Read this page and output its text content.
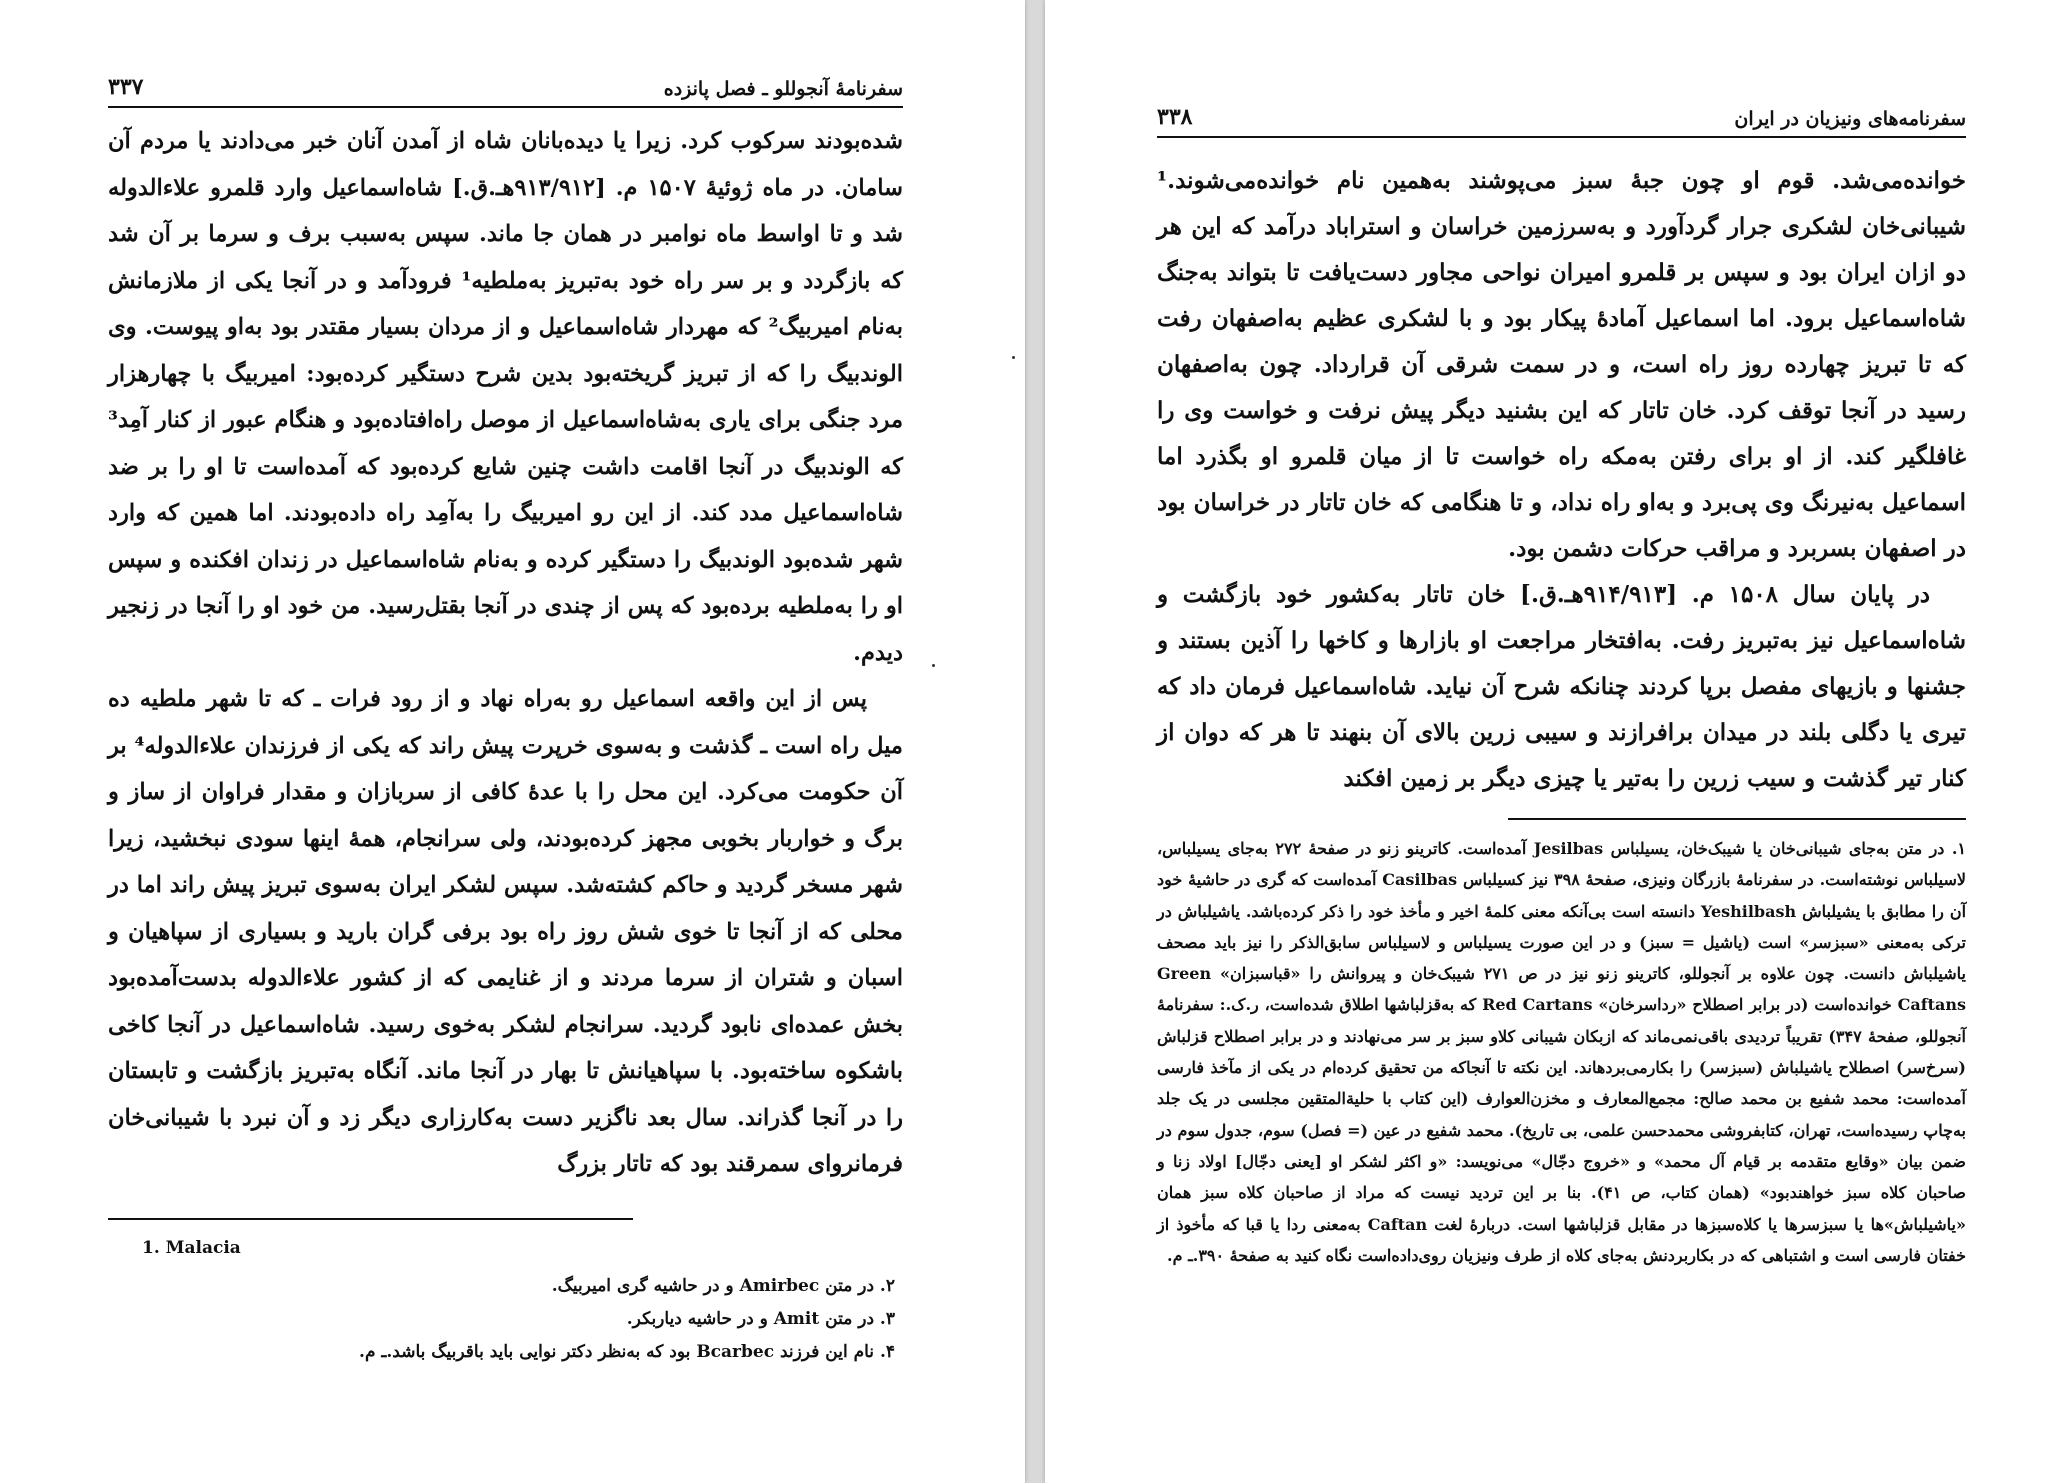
سفرنامهٔ آنجوللو ـ فصل پانزده
۳۳۷

شده‌بودند سرکوب کرد. زیرا یا دیده‌بانان شاه از آمدن آنان خبر می‌دادند یا مردم آن سامان. در ماه ژوئیهٔ ۱۵۰۷ م. [۹۱۳/۹۱۲هـ.ق.] شاه‌اسماعیل وارد قلمرو علاءالدوله شد و تا اواسط ماه نوامبر در همان جا ماند. سپس به‌سبب برف و سرما بر آن شد که بازگردد و بر سر راه خود به‌تبریز به‌ملطیه¹ فرودآمد و در آنجا یکی از ملازمانش به‌نام امیربیگ² که مهردار شاه‌اسماعیل و از مردان بسیار مقتدر بود به‌او پیوست. وی الوندبیگ را که از تبریز گریخته‌بود بدین شرح دستگیر کرده‌بود: امیربیگ با چهارهزار مرد جنگی برای یاری به‌شاه‌اسماعیل از موصل راه‌افتاده‌بود و هنگام عبور از کنار آمِد³ که الوندبیگ در آنجا اقامت داشت چنین شایع کرده‌بود که آمده‌است تا او را بر ضد شاه‌اسماعیل مدد کند. از این رو امیربیگ را به‌آمِد راه داده‌بودند. اما همین که وارد شهر شده‌بود الوندبیگ را دستگیر کرده و به‌نام شاه‌اسماعیل در زندان افکنده و سپس او را به‌ملطیه برده‌بود که پس از چندی در آنجا بقتل‌رسید. من خود او را آنجا در زنجیر دیدم.

پس از این واقعه اسماعیل رو به‌راه نهاد و از رود فرات ـ که تا شهر ملطیه ده میل راه است ـ گذشت و به‌سوی خرپرت پیش راند که یکی از فرزندان علاءالدوله⁴ بر آن حکومت می‌کرد. این محل را با عدهٔ کافی از سربازان و مقدار فراوان از ساز و برگ و خواربار بخوبی مجهز کرده‌بودند، ولی سرانجام، همهٔ اینها سودی نبخشید، زیرا شهر مسخر گردید و حاکم کشته‌شد. سپس لشکر ایران به‌سوی تبریز پیش راند اما در محلی که از آنجا تا خوی شش روز راه بود برفی گران بارید و بسیاری از سپاهیان و اسبان و شتران از سرما مردند و از غنایمی که از کشور علاءالدوله بدست‌آمده‌بود بخش عمده‌ای نابود گردید. سرانجام لشکر به‌خوی رسید. شاه‌اسماعیل در آنجا کاخی باشکوه ساخته‌بود. با سپاهیانش تا بهار در آنجا ماند. آنگاه به‌تبریز بازگشت و تابستان را در آنجا گذراند. سال بعد ناگزیر دست به‌کارزاری دیگر زد و آن نبرد با شیبانی‌خان فرمانروای سمرقند بود که تاتار بزرگ

1. Malacia

۲. در متن Amirbec و در حاشیه گری امیربیگ.

۳. در متن Amit و در حاشیه دیاربکر.

۴. نام این فرزند Bcarbec بود که به‌نظر دکتر نوایی باید باقربیگ باشد.ـ م.

سفرنامه‌های ونیزیان در ایران
۳۳۸

خوانده‌می‌شد. قوم او چون جبهٔ سبز می‌پوشند به‌همین نام خوانده‌می‌شوند.¹ شیبانی‌خان لشکری جرار گردآورد و به‌سرزمین خراسان و استراباد درآمد که این هر دو ازان ایران بود و سپس بر قلمرو امیران نواحی مجاور دست‌یافت تا بتواند به‌جنگ شاه‌اسماعیل برود. اما اسماعیل آمادهٔ پیکار بود و با لشکری عظیم به‌اصفهان رفت که تا تبریز چهارده روز راه است، و در سمت شرقی آن قرارداد. چون به‌اصفهان رسید در آنجا توقف کرد. خان تاتار که این بشنید دیگر پیش نرفت و خواست وی را غافلگیر کند. از او برای رفتن به‌مکه راه خواست تا از میان قلمرو او بگذرد اما اسماعیل به‌نیرنگ وی پی‌برد و به‌او راه نداد، و تا هنگامی که خان تاتار در خراسان بود در اصفهان بسربرد و مراقب حرکات دشمن بود.

در پایان سال ۱۵۰۸ م. [۹۱۴/۹۱۳هـ.ق.] خان تاتار به‌کشور خود بازگشت و شاه‌اسماعیل نیز به‌تبریز رفت. به‌افتخار مراجعت او بازارها و کاخها را آذین بستند و جشنها و بازیهای مفصل برپا کردند چنانکه شرح آن نیاید. شاه‌اسماعیل فرمان داد که تیری یا دگلی بلند در میدان برافرازند و سیبی زرین بالای آن بنهند تا هر که دوان از کنار تیر گذشت و سیب زرین را به‌تیر یا چیزی دیگر بر زمین افکند

۱. در متن به‌جای شیبانی‌خان یا شیبک‌خان، یسیلباس Jesilbas آمده‌است. کاترینو زنو در صفحهٔ ۲۷۲ به‌جای یسیلباس، لاسیلباس نوشته‌است. در سفرنامهٔ بازرگان ونیزی، صفحهٔ ۳۹۸ نیز کسیلباس Casilbas آمده‌است که گری در حاشیهٔ خود آن را مطابق با یشیلباش Yeshilbash دانسته است بی‌آنکه معنی کلمهٔ اخیر و مأخذ خود را ذکر کرده‌باشد. یاشیلباش در ترکی به‌معنی «سبزسر» است (یاشیل = سبز) و در این صورت یسیلباس و لاسیلباس سابق‌الذکر را نیز باید مصحف یاشیلباش دانست. چون علاوه بر آنجوللو، کاترینو زنو نیز در ص ۲۷۱ شیبک‌خان و پیروانش را «قباسبزان» Green Caftans خوانده‌است (در برابر اصطلاح «رداسرخان» Red Cartans که به‌قزلباشها اطلاق شده‌است، ر.ک.: سفرنامهٔ آنجوللو، صفحهٔ ۳۴۷) تقریباً تردیدی باقی‌نمی‌ماند که ازبکان شیبانی کلاو سبز بر سر می‌نهادند و در برابر اصطلاح قزلباش (سرخ‌سر) اصطلاح یاشیلباش (سبزسر) را بکارمی‌بردهاند. این نکته تا آنجاکه من تحقیق کرده‌ام در یکی از مآخذ فارسی آمده‌است: محمد شفیع بن محمد صالح: مجمع‌المعارف و مخزن‌العوارف (این کتاب با حلیةالمتقین مجلسی در یک جلد به‌چاپ رسیده‌است، تهران، کتابفروشی محمدحسن علمی، بی تاریخ). محمد شفیع در عین (= فصل) سوم، جدول سوم در ضمن بیان «وقایع متقدمه بر قیام آل محمد» و «خروج دجّال» می‌نویسد: «و اکثر لشکر او [یعنی دجّال] اولاد زنا و صاحبان کلاه سبز خواهندبود» (همان کتاب، ص ۴۱). بنا بر این تردید نیست که مراد از صاحبان کلاه سبز همان «یاشیلباش»ها یا سبزسرها یا کلاه‌سبزها در مقابل قزلباشها است. دربارهٔ لغت Caftan به‌معنی ردا یا قبا که مأخوذ از خفتان فارسی است و اشتباهی که در بکاربردنش به‌جای کلاه از طرف ونیزیان روی‌داده‌است نگاه کنید به صفحهٔ ۳۹۰.ـ م.
